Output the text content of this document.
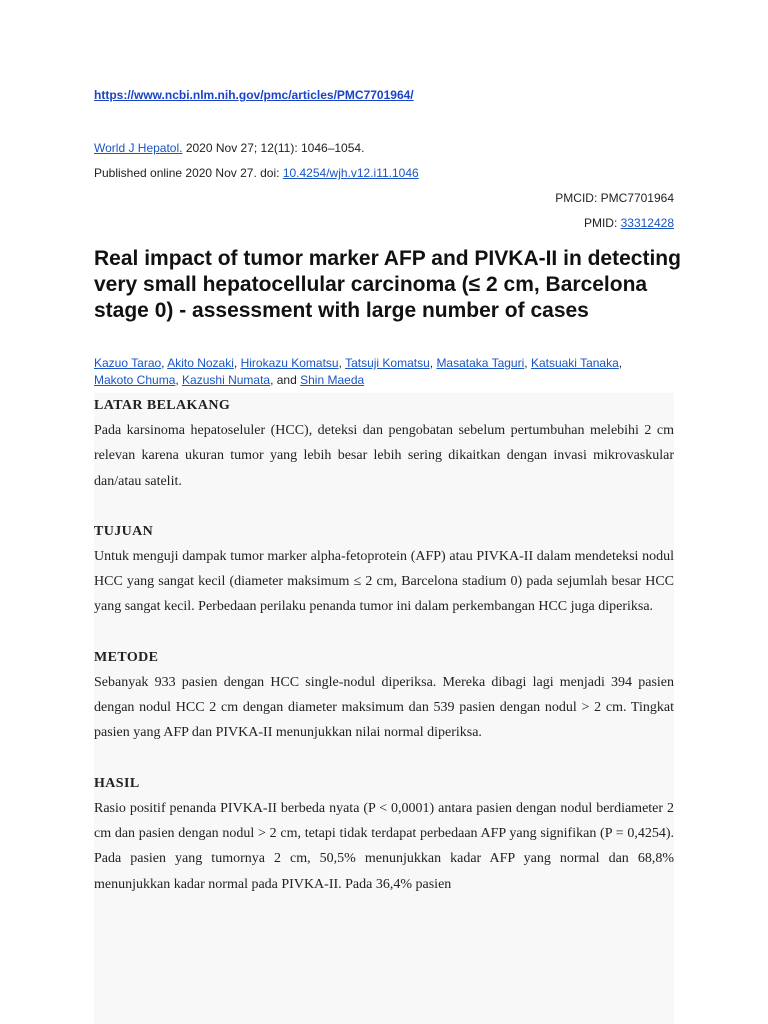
https://www.ncbi.nlm.nih.gov/pmc/articles/PMC7701964/
World J Hepatol. 2020 Nov 27; 12(11): 1046–1054.
Published online 2020 Nov 27. doi: 10.4254/wjh.v12.i11.1046
PMCID: PMC7701964
PMID: 33312428
Real impact of tumor marker AFP and PIVKA-II in detecting very small hepatocellular carcinoma (≤ 2 cm, Barcelona stage 0) - assessment with large number of cases
Kazuo Tarao, Akito Nozaki, Hirokazu Komatsu, Tatsuji Komatsu, Masataka Taguri, Katsuaki Tanaka, Makoto Chuma, Kazushi Numata, and Shin Maeda
LATAR BELAKANG

Pada karsinoma hepatoseluler (HCC), deteksi dan pengobatan sebelum pertumbuhan melebihi 2 cm relevan karena ukuran tumor yang lebih besar lebih sering dikaitkan dengan invasi mikrovaskular dan/atau satelit.

TUJUAN

Untuk menguji dampak tumor marker alpha-fetoprotein (AFP) atau PIVKA-II dalam mendeteksi nodul HCC yang sangat kecil (diameter maksimum ≤ 2 cm, Barcelona stadium 0) pada sejumlah besar HCC yang sangat kecil. Perbedaan perilaku penanda tumor ini dalam perkembangan HCC juga diperiksa.

METODE

Sebanyak 933 pasien dengan HCC single-nodul diperiksa. Mereka dibagi lagi menjadi 394 pasien dengan nodul HCC 2 cm dengan diameter maksimum dan 539 pasien dengan nodul > 2 cm. Tingkat pasien yang AFP dan PIVKA-II menunjukkan nilai normal diperiksa.

HASIL

Rasio positif penanda PIVKA-II berbeda nyata (P < 0,0001) antara pasien dengan nodul berdiameter 2 cm dan pasien dengan nodul > 2 cm, tetapi tidak terdapat perbedaan AFP yang signifikan (P = 0,4254). Pada pasien yang tumornya 2 cm, 50,5% menunjukkan kadar AFP yang normal dan 68,8% menunjukkan kadar normal pada PIVKA-II. Pada 36,4% pasien
